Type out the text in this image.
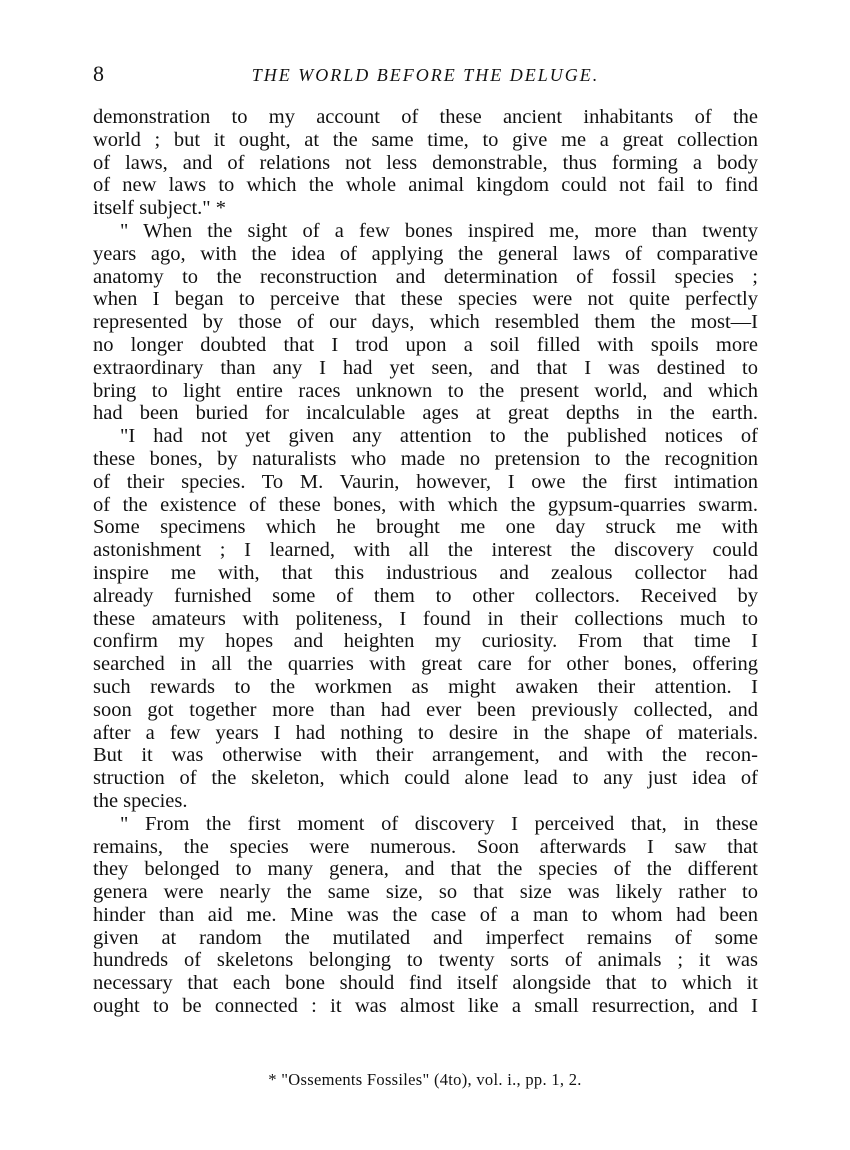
8	THE WORLD BEFORE THE DELUGE.
demonstration to my account of these ancient inhabitants of the
world ; but it ought, at the same time, to give me a great collection
of laws, and of relations not less demonstrable, thus forming a body
of new laws to which the whole animal kingdom could not fail to find
itself subject." *
" When the sight of a few bones inspired me, more than twenty
years ago, with the idea of applying the general laws of comparative
anatomy to the reconstruction and determination of fossil species ;
when I began to perceive that these species were not quite perfectly
represented by those of our days, which resembled them the most—I
no longer doubted that I trod upon a soil filled with spoils more
extraordinary than any I had yet seen, and that I was destined to
bring to light entire races unknown to the present world, and which
had been buried for incalculable ages at great depths in the earth.
"I had not yet given any attention to the published notices of
these bones, by naturalists who made no pretension to the recognition
of their species. To M. Vaurin, however, I owe the first intimation
of the existence of these bones, with which the gypsum-quarries swarm.
Some specimens which he brought me one day struck me with
astonishment ; I learned, with all the interest the discovery could
inspire me with, that this industrious and zealous collector had
already furnished some of them to other collectors. Received by
these amateurs with politeness, I found in their collections much to
confirm my hopes and heighten my curiosity. From that time I
searched in all the quarries with great care for other bones, offering
such rewards to the workmen as might awaken their attention. I
soon got together more than had ever been previously collected, and
after a few years I had nothing to desire in the shape of materials.
But it was otherwise with their arrangement, and with the recon-
struction of the skeleton, which could alone lead to any just idea of
the species.
" From the first moment of discovery I perceived that, in these
remains, the species were numerous. Soon afterwards I saw that
they belonged to many genera, and that the species of the different
genera were nearly the same size, so that size was likely rather to
hinder than aid me. Mine was the case of a man to whom had been
given at random the mutilated and imperfect remains of some
hundreds of skeletons belonging to twenty sorts of animals ; it was
necessary that each bone should find itself alongside that to which it
ought to be connected : it was almost like a small resurrection, and I
* "Ossements Fossiles" (4to), vol. i., pp. 1, 2.
